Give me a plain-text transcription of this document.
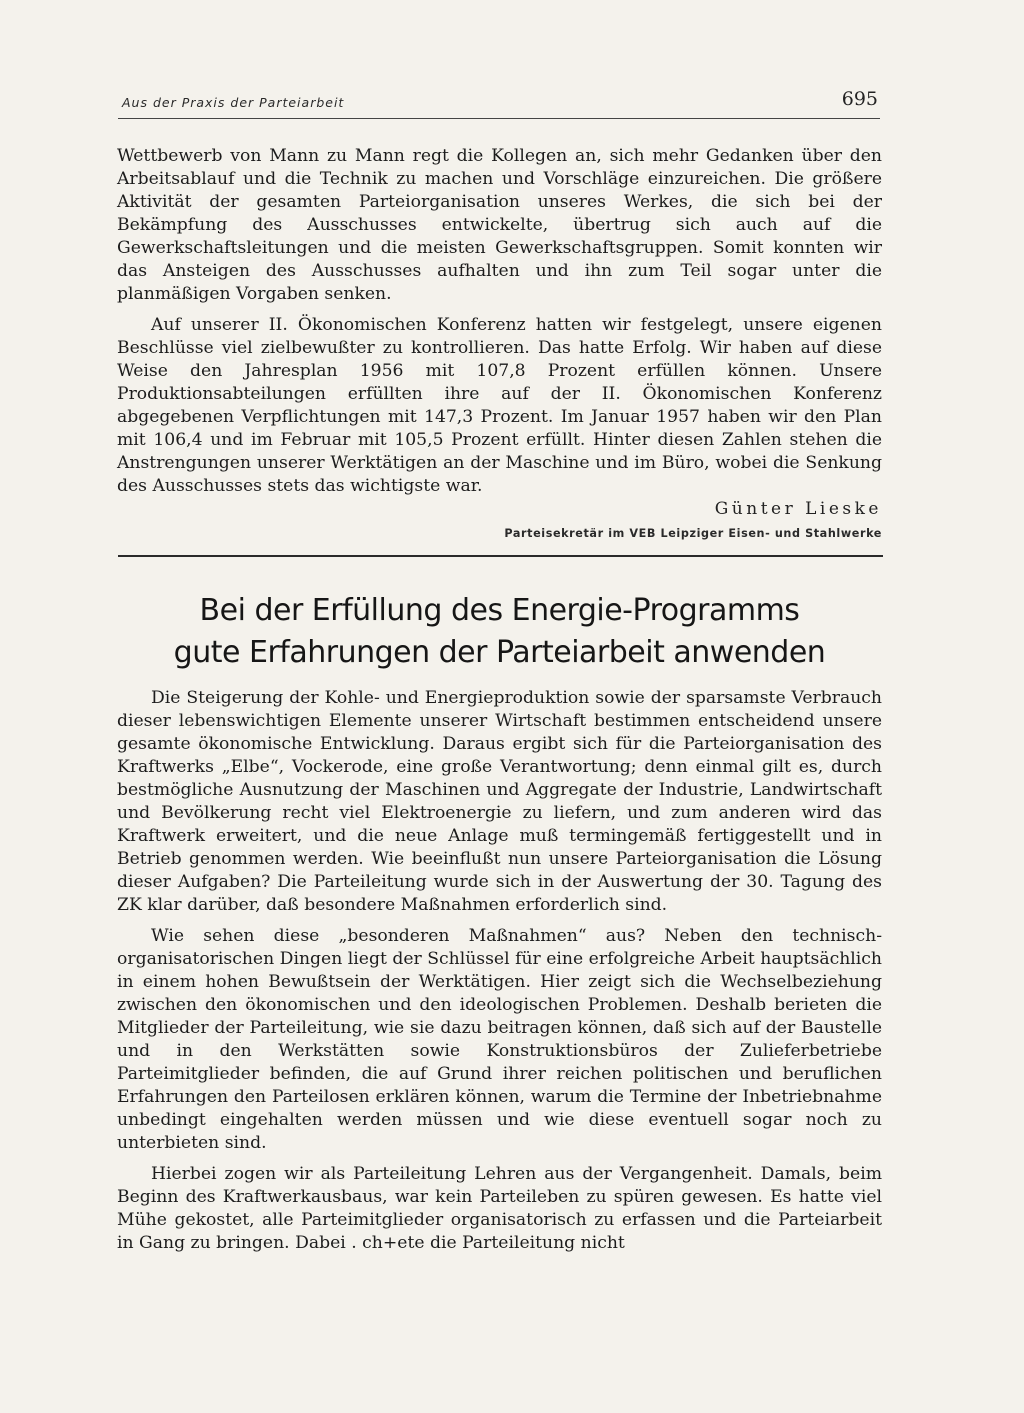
Aus der Praxis der Parteiarbeit	695

Wettbewerb von Mann zu Mann regt die Kollegen an, sich mehr Gedanken über den Arbeitsablauf und die Technik zu machen und Vorschläge einzureichen. Die größere Aktivität der gesamten Parteiorganisation unseres Werkes, die sich bei der Bekämpfung des Ausschusses entwickelte, übertrug sich auch auf die Gewerkschaftsleitungen und die meisten Gewerkschaftsgruppen. Somit konnten wir das Ansteigen des Ausschusses aufhalten und ihn zum Teil sogar unter die planmäßigen Vorgaben senken.

Auf unserer II. Ökonomischen Konferenz hatten wir festgelegt, unsere eigenen Beschlüsse viel zielbewußter zu kontrollieren. Das hatte Erfolg. Wir haben auf diese Weise den Jahresplan 1956 mit 107,8 Prozent erfüllen können. Unsere Produktionsabteilungen erfüllten ihre auf der II. Ökonomischen Konferenz abgegebenen Verpflichtungen mit 147,3 Prozent. Im Januar 1957 haben wir den Plan mit 106,4 und im Februar mit 105,5 Prozent erfüllt. Hinter diesen Zahlen stehen die Anstrengungen unserer Werktätigen an der Maschine und im Büro, wobei die Senkung des Ausschusses stets das wichtigste war.

Günter Lieske
Parteisekretär im VEB Leipziger Eisen- und Stahlwerke
Bei der Erfüllung des Energie-Programms
gute Erfahrungen der Parteiarbeit anwenden

Die Steigerung der Kohle- und Energieproduktion sowie der sparsamste Verbrauch dieser lebenswichtigen Elemente unserer Wirtschaft bestimmen entscheidend unsere gesamte ökonomische Entwicklung. Daraus ergibt sich für die Parteiorganisation des Kraftwerks „Elbe“, Vockerode, eine große Verantwortung; denn einmal gilt es, durch bestmögliche Ausnutzung der Maschinen und Aggregate der Industrie, Landwirtschaft und Bevölkerung recht viel Elektroenergie zu liefern, und zum anderen wird das Kraftwerk erweitert, und die neue Anlage muß termingemäß fertiggestellt und in Betrieb genommen werden. Wie beeinflußt nun unsere Parteiorganisation die Lösung dieser Aufgaben? Die Parteileitung wurde sich in der Auswertung der 30. Tagung des ZK klar darüber, daß besondere Maßnahmen erforderlich sind.

Wie sehen diese „besonderen Maßnahmen“ aus? Neben den technisch-organisatorischen Dingen liegt der Schlüssel für eine erfolgreiche Arbeit hauptsächlich in einem hohen Bewußtsein der Werktätigen. Hier zeigt sich die Wechselbeziehung zwischen den ökonomischen und den ideologischen Problemen. Deshalb berieten die Mitglieder der Parteileitung, wie sie dazu beitragen können, daß sich auf der Baustelle und in den Werkstätten sowie Konstruktionsbüros der Zulieferbetriebe Parteimitglieder befinden, die auf Grund ihrer reichen politischen und beruflichen Erfahrungen den Parteilosen erklären können, warum die Termine der Inbetriebnahme unbedingt eingehalten werden müssen und wie diese eventuell sogar noch zu unterbieten sind.

Hierbei zogen wir als Parteileitung Lehren aus der Vergangenheit. Damals, beim Beginn des Kraftwerkausbaus, war kein Parteileben zu spüren gewesen. Es hatte viel Mühe gekostet, alle Parteimitglieder organisatorisch zu erfassen und die Parteiarbeit in Gang zu bringen. Dabei . ch+ete die Parteileitung nicht
